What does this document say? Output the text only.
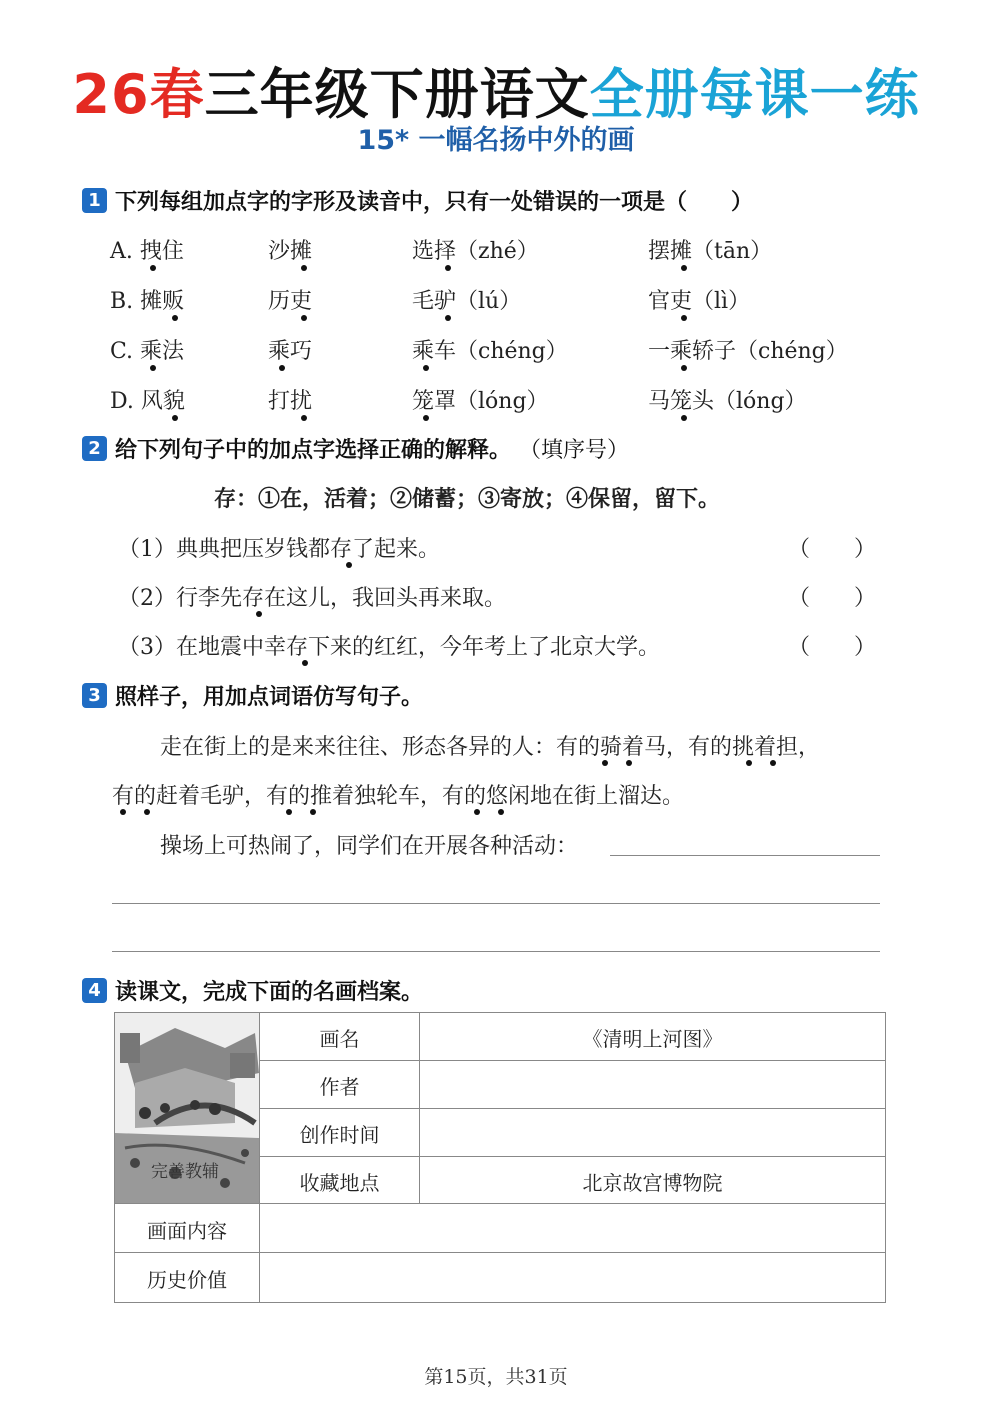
26春三年级下册语文全册每课一练
15* 一幅名扬中外的画
1 下列每组加点字的字形及读音中，只有一处错误的一项是（　　）
A. 拽住	沙摊	选择（zhé）	摆摊（tān）
B. 摊贩	历吏	毛驴（lú）	官吏（lì）
C. 乘法	乘巧	乘车（chéng）	一乘轿子（chéng）
D. 风貌	打扰	笼罩（lóng）	马笼头（lóng）
2 给下列句子中的加点字选择正确的解释。 （填序号）
存：①在，活着；②储蓄；③寄放；④保留，留下。
（1）典典把压岁钱都存了起来。	（　　）
（2）行李先存在这儿，我回头再来取。	（　　）
（3）在地震中幸存下来的红红，今年考上了北京大学。	（　　）
3 照样子，用加点词语仿写句子。
走在街上的是来来往往、形态各异的人：有的骑着马，有的挑着担，
有的赶着毛驴，有的推着独轮车，有的悠闲地在街上溜达。
操场上可热闹了，同学们在开展各种活动：
4 读课文，完成下面的名画档案。
完善教辅
画名	《清明上河图》
作者
创作时间
收藏地点	北京故宫博物院
画面内容
历史价值
第15页，共31页
